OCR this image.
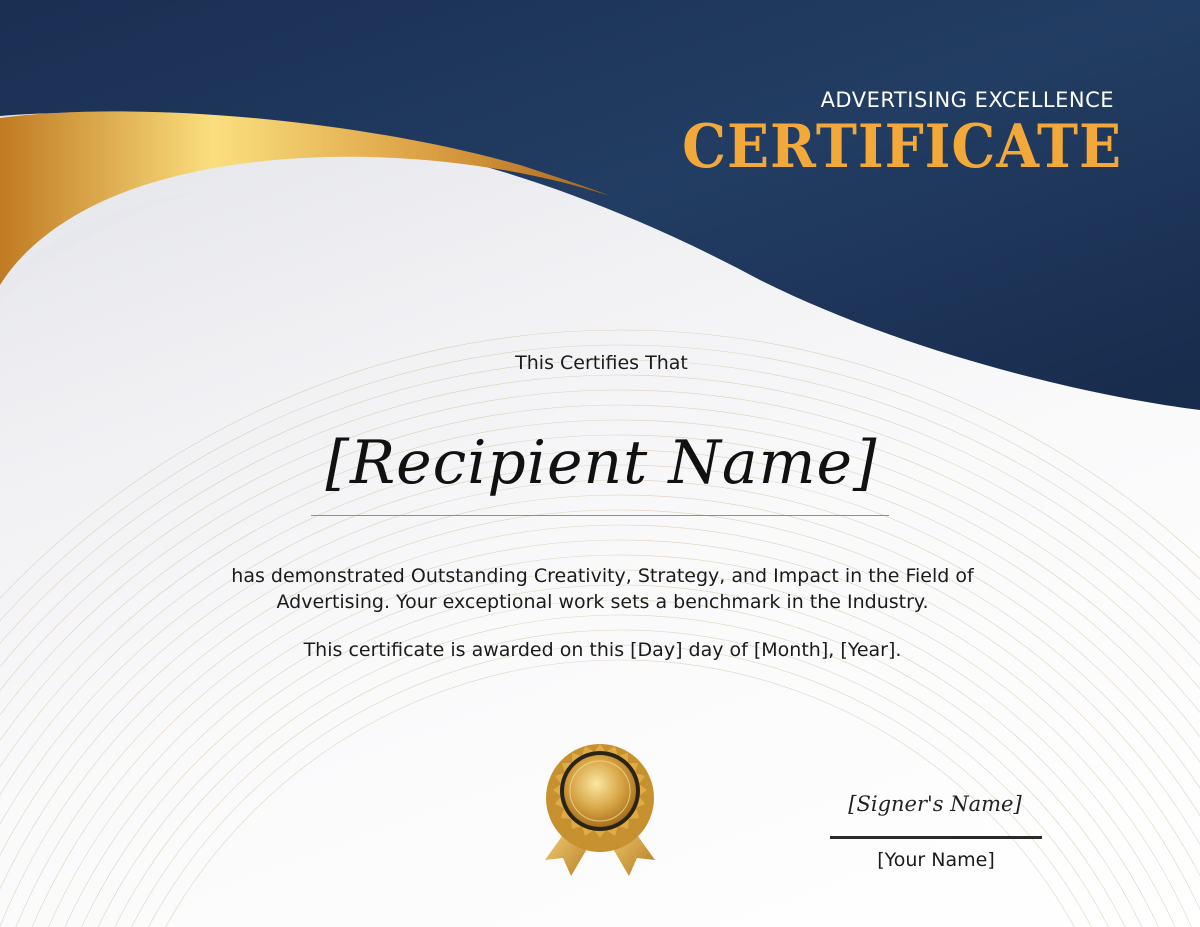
ADVERTISING EXCELLENCE
CERTIFICATE
This Certifies That
[Recipient Name]
has demonstrated Outstanding Creativity, Strategy, and Impact in the Field of Advertising. Your exceptional work sets a benchmark in the Industry.
This certificate is awarded on this [Day] day of [Month], [Year].
[Signer's Name]
[Your Name]
